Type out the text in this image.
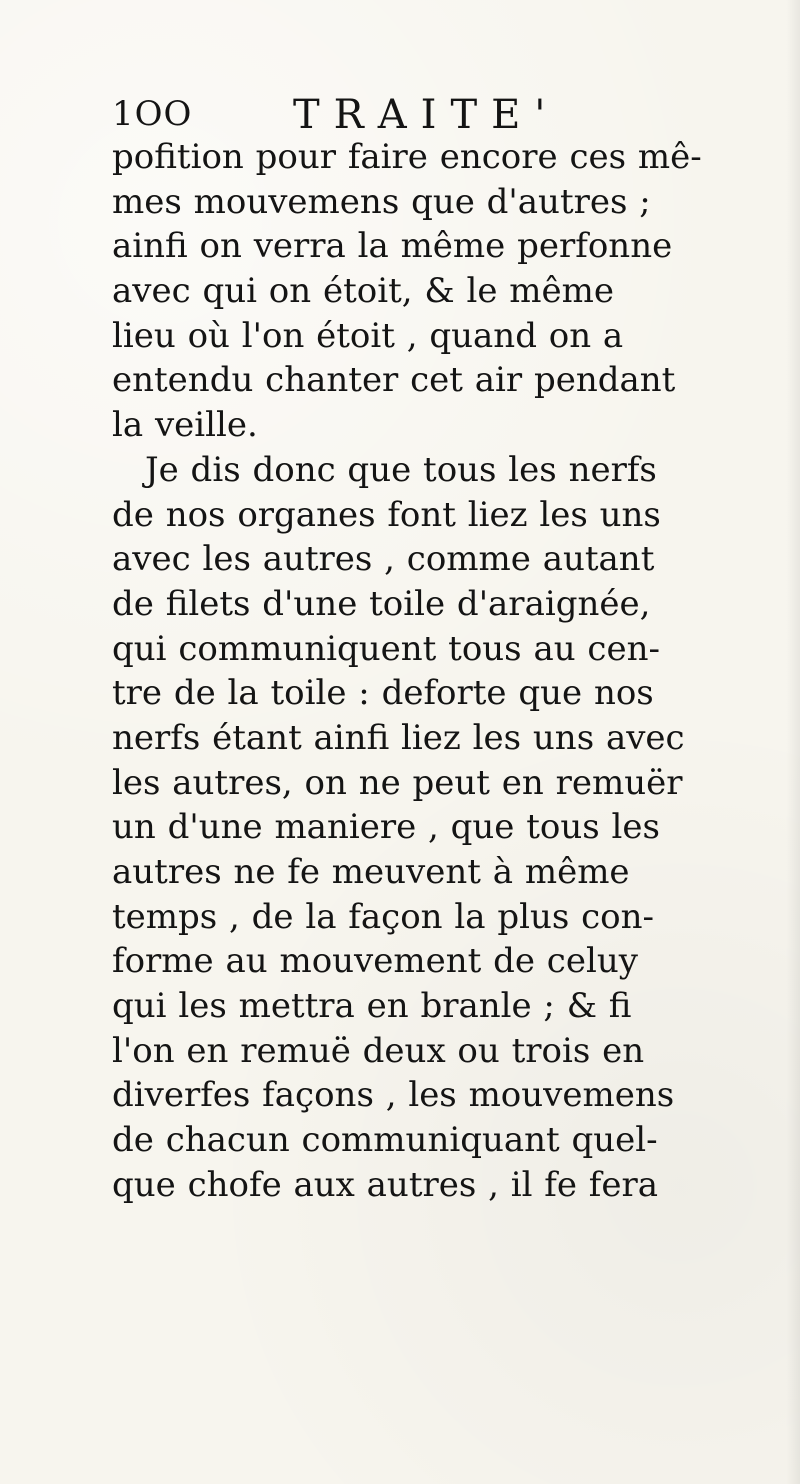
1OO	TRAITE'
pofition pour faire encore ces mê-
mes mouvemens que d'autres ;
ainfi on verra la même perfonne
avec qui on étoit, & le même
lieu où l'on étoit , quand on a
entendu chanter cet air pendant
la veille.
Je dis donc que tous les nerfs
de nos organes font liez les uns
avec les autres , comme autant
de filets d'une toile d'araignée,
qui communiquent tous au cen-
tre de la toile : deforte que nos
nerfs étant ainfi liez les uns avec
les autres, on ne peut en remuër
un d'une maniere , que tous les
autres ne fe meuvent à même
temps , de la façon la plus con-
forme au mouvement de celuy
qui les mettra en branle ; & fi
l'on en remuë deux ou trois en
diverfes façons , les mouvemens
de chacun communiquant quel-
que chofe aux autres , il fe fera
